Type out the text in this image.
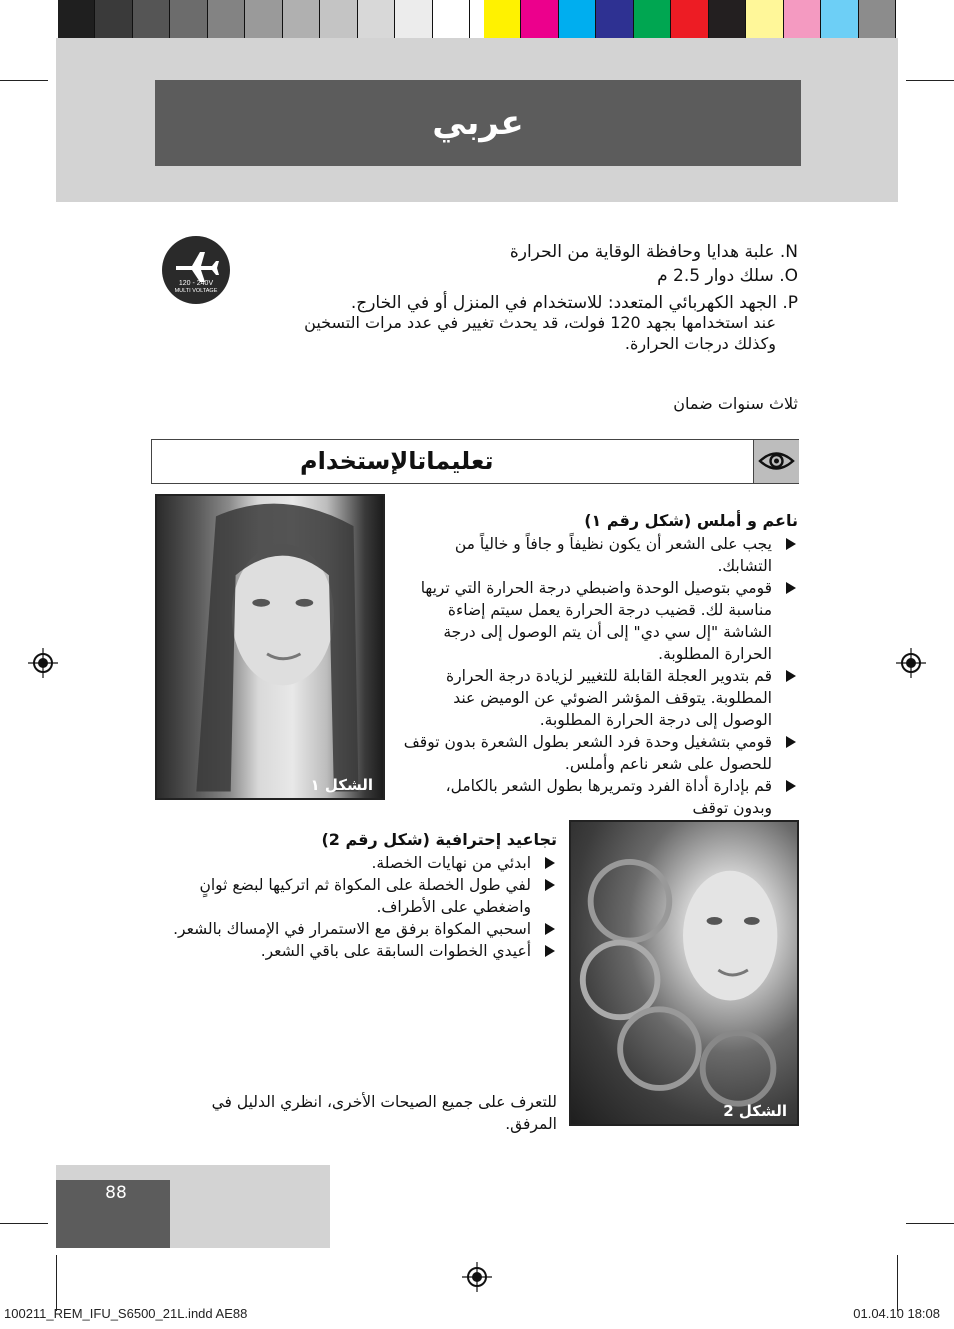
عربي
N. علبة هدايا وحافظة الوقاية من الحرارة
O. سلك دوار 2.5 م
P. الجهد الكهربائي المتعدد: للاستخدام في المنزل أو في الخارج.
عند استخدامها بجهد 120 فولت، قد يحدث تغيير في عدد مرات التسخين
وكذلك درجات الحرارة.
120 - 240V
MULTI VOLTAGE
ثلاث سنوات ضمان
تعليماتالإستخدام
الشكل ١
ناعم و أملس (شكل رقم ١)
يجب على الشعر أن يكون نظيفاً و جافاً و خالياً من التشابك.
قومي بتوصيل الوحدة واضبطي درجة الحرارة التي تريها مناسبة لك. قضيب درجة الحرارة يعمل سيتم إضاءة الشاشة "إل سي دي" إلى أن يتم الوصول إلى درجة الحرارة المطلوبة.
قم بتدوير العجلة القابلة للتغيير لزيادة درجة الحرارة المطلوبة. يتوقف المؤشر الضوئي عن الوميض عند الوصول إلى درجة الحرارة المطلوبة.
قومي بتشغيل وحدة فرد الشعر بطول الشعرة بدون توقف للحصول على شعر ناعم وأملس.
قم بإدارة أداة الفرد وتمريرها بطول الشعر بالكامل، وبدون توقف
الشكل 2
تجاعيد إحترافية (شكل رقم 2)
ابدئي من نهايات الخصلة.
لفي طول الخصلة على المكواة ثم اتركيها لبضع ثوانٍ واضغطي على الأطراف.
اسحبي المكواة برفق مع الاستمرار في الإمساك بالشعر.
أعيدي الخطوات السابقة على باقي الشعر.
للتعرف على جميع الصيحات الأخرى، انظري الدليل في المرفق.
88
100211_REM_IFU_S6500_21L.indd AE88	01.04.10 18:08
